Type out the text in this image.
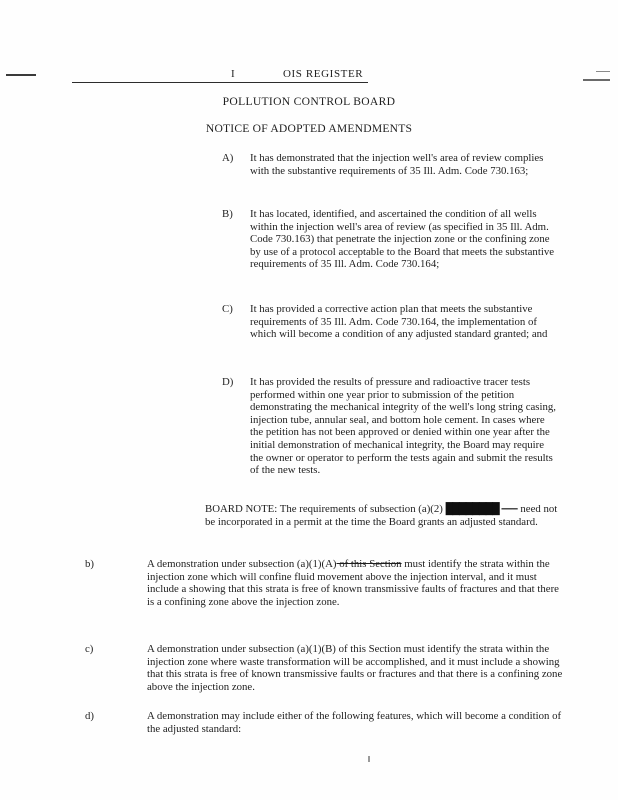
I	OIS REGISTER
POLLUTION CONTROL BOARD
NOTICE OF ADOPTED AMENDMENTS
A)	It has demonstrated that the injection well's area of review complies with the substantive requirements of 35 Ill. Adm. Code 730.163;
B)	It has located, identified, and ascertained the condition of all wells within the injection well's area of review (as specified in 35 Ill. Adm. Code 730.163) that penetrate the injection zone or the confining zone by use of a protocol acceptable to the Board that meets the substantive requirements of 35 Ill. Adm. Code 730.164;
C)	It has provided a corrective action plan that meets the substantive requirements of 35 Ill. Adm. Code 730.164, the implementation of which will become a condition of any adjusted standard granted; and
D)	It has provided the results of pressure and radioactive tracer tests performed within one year prior to submission of the petition demonstrating the mechanical integrity of the well's long string casing, injection tube, annular seal, and bottom hole cement. In cases where the petition has not been approved or denied within one year after the initial demonstration of mechanical integrity, the Board may require the owner or operator to perform the tests again and submit the results of the new tests.
BOARD NOTE: The requirements of subsection (a)(2) ████████ ––– need not be incorporated in a permit at the time the Board grants an adjusted standard.
b)	A demonstration under subsection (a)(1)(A) of this Section must identify the strata within the injection zone which will confine fluid movement above the injection interval, and it must include a showing that this strata is free of known transmissive faults of fractures and that there is a confining zone above the injection zone.
c)	A demonstration under subsection (a)(1)(B) of this Section must identify the strata within the injection zone where waste transformation will be accomplished, and it must include a showing that this strata is free of known transmissive faults or fractures and that there is a confining zone above the injection zone.
d)	A demonstration may include either of the following features, which will become a condition of the adjusted standard:
